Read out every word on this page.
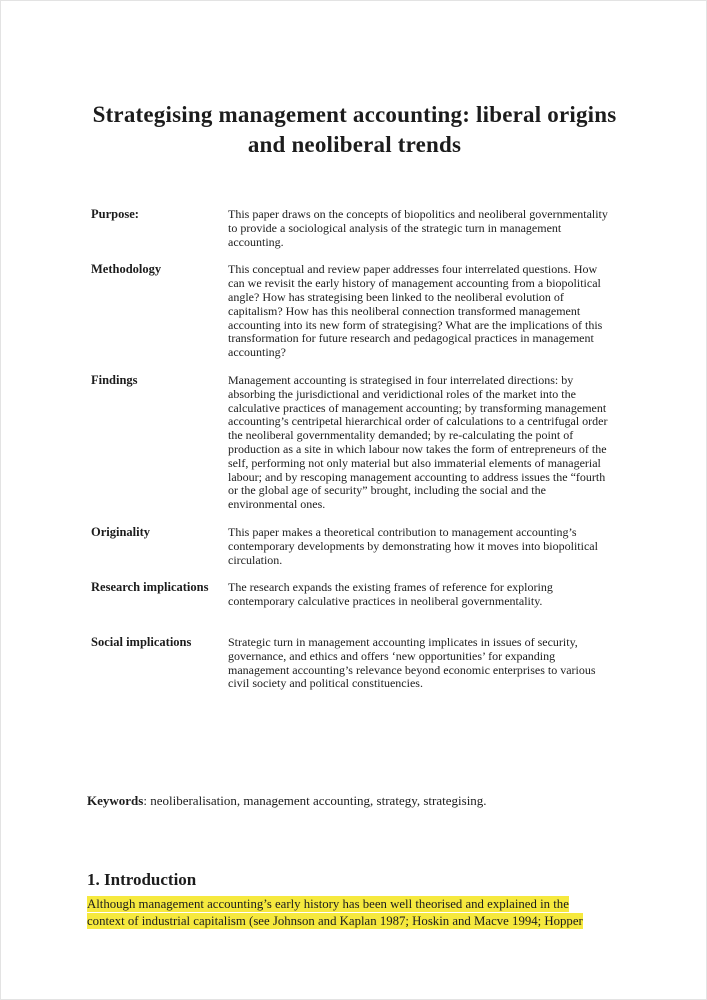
Strategising management accounting: liberal origins and neoliberal trends
Purpose:	This paper draws on the concepts of biopolitics and neoliberal governmentality to provide a sociological analysis of the strategic turn in management accounting.
Methodology	This conceptual and review paper addresses four interrelated questions. How can we revisit the early history of management accounting from a biopolitical angle? How has strategising been linked to the neoliberal evolution of capitalism? How has this neoliberal connection transformed management accounting into its new form of strategising? What are the implications of this transformation for future research and pedagogical practices in management accounting?
Findings	Management accounting is strategised in four interrelated directions: by absorbing the jurisdictional and veridictional roles of the market into the calculative practices of management accounting; by transforming management accounting’s centripetal hierarchical order of calculations to a centrifugal order the neoliberal governmentality demanded; by re-calculating the point of production as a site in which labour now takes the form of entrepreneurs of the self, performing not only material but also immaterial elements of managerial labour; and by rescoping management accounting to address issues the “fourth or the global age of security” brought, including the social and the environmental ones.
Originality	This paper makes a theoretical contribution to management accounting’s contemporary developments by demonstrating how it moves into biopolitical circulation.
Research implications	The research expands the existing frames of reference for exploring contemporary calculative practices in neoliberal governmentality.
Social implications	Strategic turn in management accounting implicates in issues of security, governance, and ethics and offers ‘new opportunities’ for expanding management accounting’s relevance beyond economic enterprises to various civil society and political constituencies.
Keywords: neoliberalisation, management accounting, strategy, strategising.
1. Introduction

Although management accounting’s early history has been well theorised and explained in the context of industrial capitalism (see Johnson and Kaplan 1987; Hoskin and Macve 1994; Hopper
